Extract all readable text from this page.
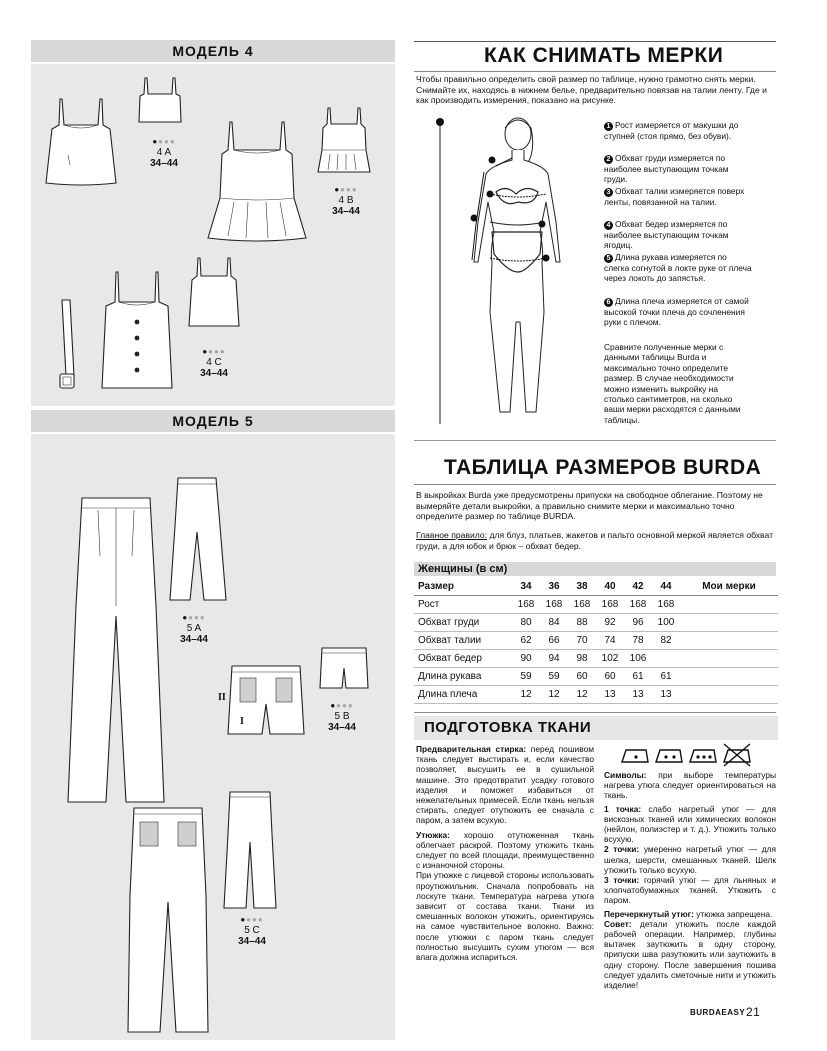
МОДЕЛЬ 4
●●●●
4 A
34–44
●●●●
4 B
34–44
●●●●
4 C
34–44
МОДЕЛЬ 5
●●●●
5 A
34–44
II
I
●●●●
5 B
34–44
●●●●
5 C
34–44
КАК СНИМАТЬ МЕРКИ
Чтобы правильно определить свой размер по таблице, нужно грамотно снять мерки. Снимайте их, находясь в нижнем белье, предварительно повязав на талии ленту. Где и как производить измерения, показано на рисунке.
1 Рост измеряется от макушки до ступней (стоя прямо, без обуви).
2 Обхват груди измеряется по наиболее выступающим точкам груди.
3 Обхват талии измеряется поверх ленты, повязанной на талии.
4 Обхват бедер измеряется по наиболее выступающим точкам ягодиц.
5 Длина рукава измеряется по слегка согнутой в локте руке от плеча через локоть до запястья.
6 Длина плеча измеряется от самой высокой точки плеча до сочленения руки с плечом.
Сравните полученные мерки с данными таблицы Burda и максимально точно определите размер. В случае необходимости можно изменить выкройку на столько сантиметров, на сколько ваши мерки расходятся с данными таблицы.
ТАБЛИЦА РАЗМЕРОВ BURDA
В выкройках Burda уже предусмотрены припуски на свободное облегание. Поэтому не вымеряйте детали выкройки, а правильно снимите мерки и максимально точно определите размер по таблице BURDA.
Главное правило: для блуз, платьев, жакетов и пальто основной меркой является обхват груди, а для юбок и брюк – обхват бедер.
Женщины (в см)
Размер	34	36	38	40	42	44	Мои мерки
Рост	168	168	168	168	168	168	
Обхват груди	80	84	88	92	96	100	
Обхват талии	62	66	70	74	78	82	
Обхват бедер	90	94	98	102	106		
Длина рукава	59	59	60	60	61	61	
Длина плеча	12	12	12	13	13	13	
ПОДГОТОВКА ТКАНИ

Предварительная стирка: перед пошивом ткань следует выстирать и, если качество позволяет, высушить ее в сушильной машине. Это предотвратит усадку готового изделия и поможет избавиться от нежелательных примесей. Если ткань нельзя стирать, следует отутюжить ее сначала с паром, а затем всухую.

Утюжка: хорошо отутюженная ткань облегчает раскрой. Поэтому утюжить ткань следует по всей площади, преимущественно с изнаночной стороны.

При утюжке с лицевой стороны использовать проутюжильник. Сначала попробовать на лоскуте ткани. Температура нагрева утюга зависит от состава ткани. Ткани из смешанных волокон утюжить, ориентируясь на самое чувствительное волокно. Важно: после утюжки с паром ткань следует полностью высушить сухим утюгом — вся влага должна испариться.

Символы: при выборе температуры нагрева утюга следует ориентироваться на ткань.

1 точка: слабо нагретый утюг — для вискозных тканей или химических волокон (нейлон, полиэстер и т. д.). Утюжить только всухую.

2 точки: умеренно нагретый утюг — для шелка, шерсти, смешанных тканей. Шелк утюжить только всухую.

3 точки: горячий утюг — для льняных и хлопчатобумажных тканей. Утюжить с паром.

Перечеркнутый утюг: утюжка запрещена.

Совет: детали утюжить после каждой рабочей операции. Например, глубины вытачек заутюжить в одну сторону, припуски шва разутюжить или заутюжить в одну сторону. После завершения пошива следует удалить сметочные нити и утюжить изделие!

BURDAEASY 21
